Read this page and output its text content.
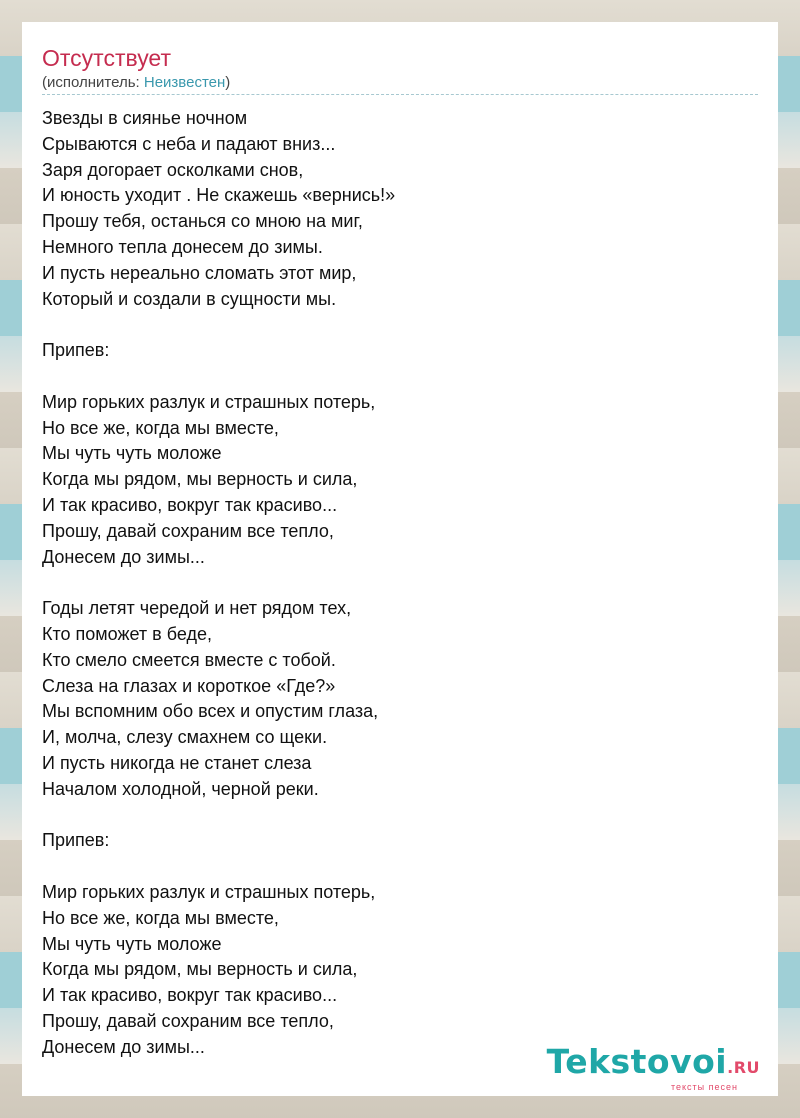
Отсутствует
(исполнитель: Неизвестен)
Звезды в сиянье ночном
Срываются с неба и падают вниз...
Заря догорает осколками снов,
И юность уходит . Не скажешь «вернись!»
Прошу тебя, останься со мною на миг,
Немного тепла донесем до зимы.
И пусть нереально сломать этот мир,
Который и создали в сущности мы.
Припев:
Мир горьких разлук и страшных потерь,
Но все же, когда мы вместе,
Мы чуть чуть моложе
Когда мы рядом, мы верность и сила,
И так красиво, вокруг так красиво...
Прошу, давай сохраним все тепло,
Донесем до зимы...
Годы летят чередой и нет рядом тех,
Кто поможет в беде,
Кто смело смеется вместе с тобой.
Слеза на глазах и короткое «Где?»
Мы вспомним обо всех и опустим глаза,
И, молча, слезу смахнем со щеки.
И пусть никогда не станет слеза
Началом холодной, черной реки.
Припев:
Мир горьких разлук и страшных потерь,
Но все же, когда мы вместе,
Мы чуть чуть моложе
Когда мы рядом, мы верность и сила,
И так красиво, вокруг так красиво...
Прошу, давай сохраним все тепло,
Донесем до зимы...	Tekstovoi.RU
тексты песен
